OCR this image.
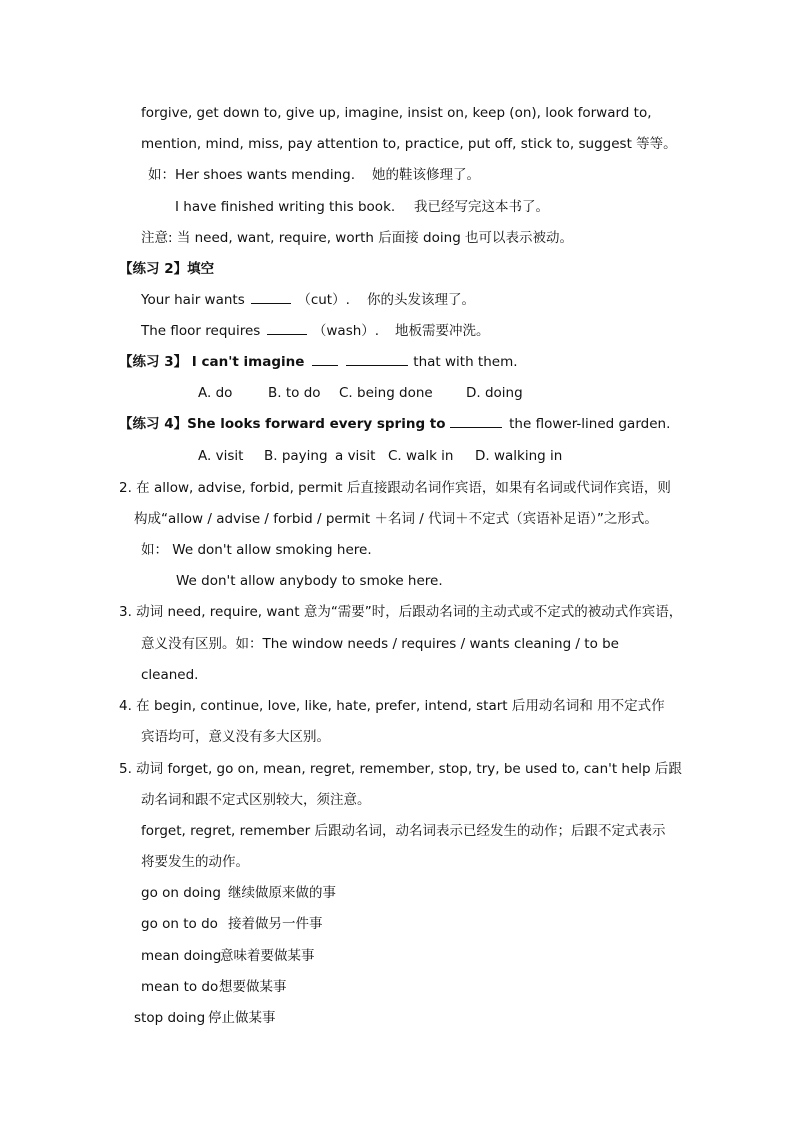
forgive, get down to, give up, imagine, insist on, keep (on), look forward to,
mention, mind, miss, pay attention to, practice, put off, stick to, suggest 等等。
如：Her shoes wants mending. 她的鞋该修理了。
I have finished writing this book. 我已经写完这本书了。
注意: 当 need, want, require, worth 后面接 doing 也可以表示被动。
【练习 2】填空
Your hair wants	（cut）. 你的头发该理了。
The floor requires	（wash）. 地板需要冲洗。
【练习 3】 I can't imagine	that with them.
A. do	B. to do C. being done D. doing
【练习 4】She looks forward every spring to	the flower-lined garden.
A. visit B. paying a visit C. walk in D. walking in
2. 在 allow, advise, forbid, permit 后直接跟动名词作宾语，如果有名词或代词作宾语，则
构成“allow / advise / forbid / permit ＋名词 / 代词＋不定式（宾语补足语）”之形式。
如： We don't allow smoking here.
We don't allow anybody to smoke here.
3. 动词 need, require, want 意为“需要”时，后跟动名词的主动式或不定式的被动式作宾语，
意义没有区别。如：The window needs / requires / wants cleaning / to be
cleaned.
4. 在 begin, continue, love, like, hate, prefer, intend, start 后用动名词和 用不定式作
宾语均可，意义没有多大区别。
5. 动词 forget, go on, mean, regret, remember, stop, try, be used to, can't help 后跟
动名词和跟不定式区别较大，须注意。
forget, regret, remember 后跟动名词，动名词表示已经发生的动作；后跟不定式表示
将要发生的动作。
go on doing 继续做原来做的事
go on to do 接着做另一件事
mean doing
意味着要做某事
mean to do 想要做某事
stop doing 停止做某事
